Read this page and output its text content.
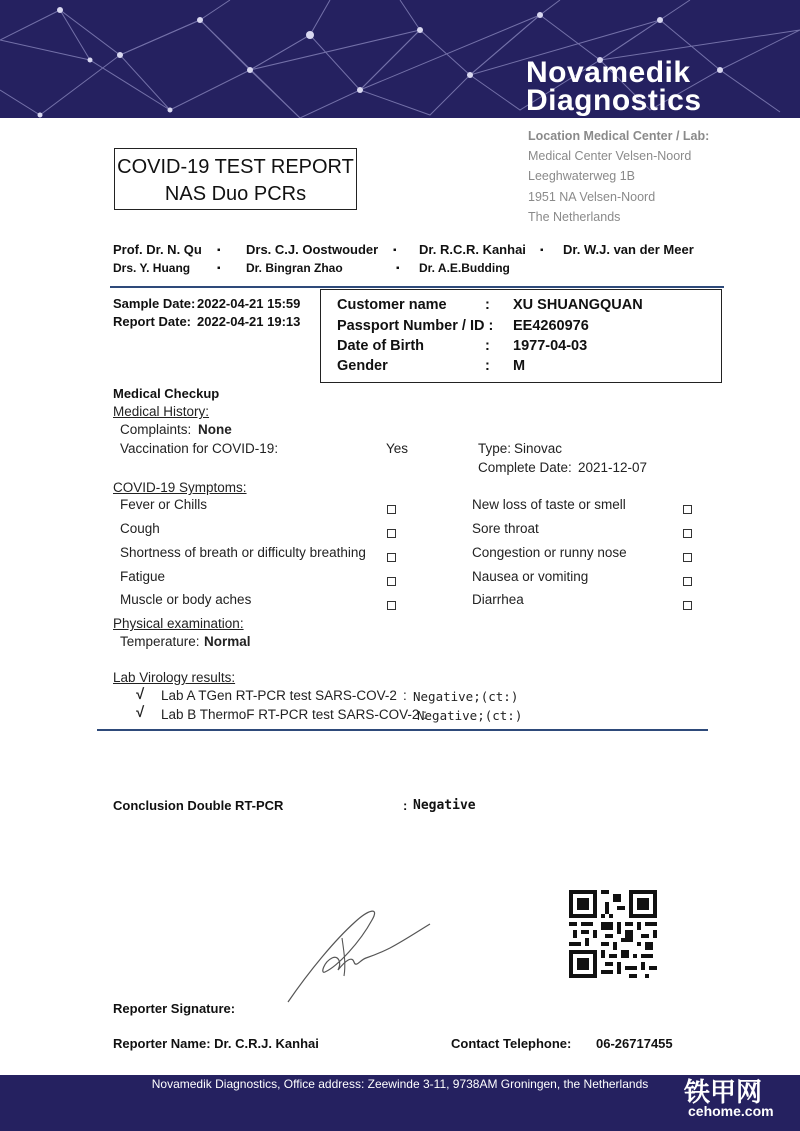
Novamedik
Diagnostics
Location Medical Center / Lab:
Medical Center Velsen-Noord
Leeghwaterweg 1B
1951 NA Velsen-Noord
The Netherlands
COVID-19 TEST REPORT
NAS Duo PCRs
Prof. Dr. N. Qu ▪ Drs. C.J. Oostwouder ▪ Dr. R.C.R. Kanhai ▪ Dr. W.J. van der Meer
Drs. Y. Huang	▪ Dr. Bingran Zhao	▪ Dr. A.E.Budding
Sample Date: 2022-04-21 15:59
Report Date: 2022-04-21 19:13
Customer name	: XU SHUANGQUAN
Passport Number / ID : EE4260976
Date of Birth	: 1977-04-03
Gender	: M
Medical Checkup
Medical History:
Complaints: None
Vaccination for COVID-19:	Yes	Type: Sinovac
Complete Date: 2021-12-07
COVID-19 Symptoms:
Fever or Chills	New loss of taste or smell
Cough	Sore throat
Shortness of breath or difficulty breathing	Congestion or runny nose
Fatigue	Nausea or vomiting
Muscle or body aches	Diarrhea
Physical examination:
Temperature: Normal
Lab Virology results:
√ Lab A TGen RT-PCR test SARS-COV-2 : Negative;(ct:)
√ Lab B ThermoF RT-PCR test SARS-COV-2 :
Negative;(ct:)
Conclusion Double RT-PCR	: Negative
Reporter Signature:
Reporter Name: Dr. C.R.J. Kanhai	Contact Telephone: 06-26717455
Novamedik Diagnostics, Office address: Zeewinde 3-11, 9738AM Groningen, the Netherlands	铁甲网
cehome.com
